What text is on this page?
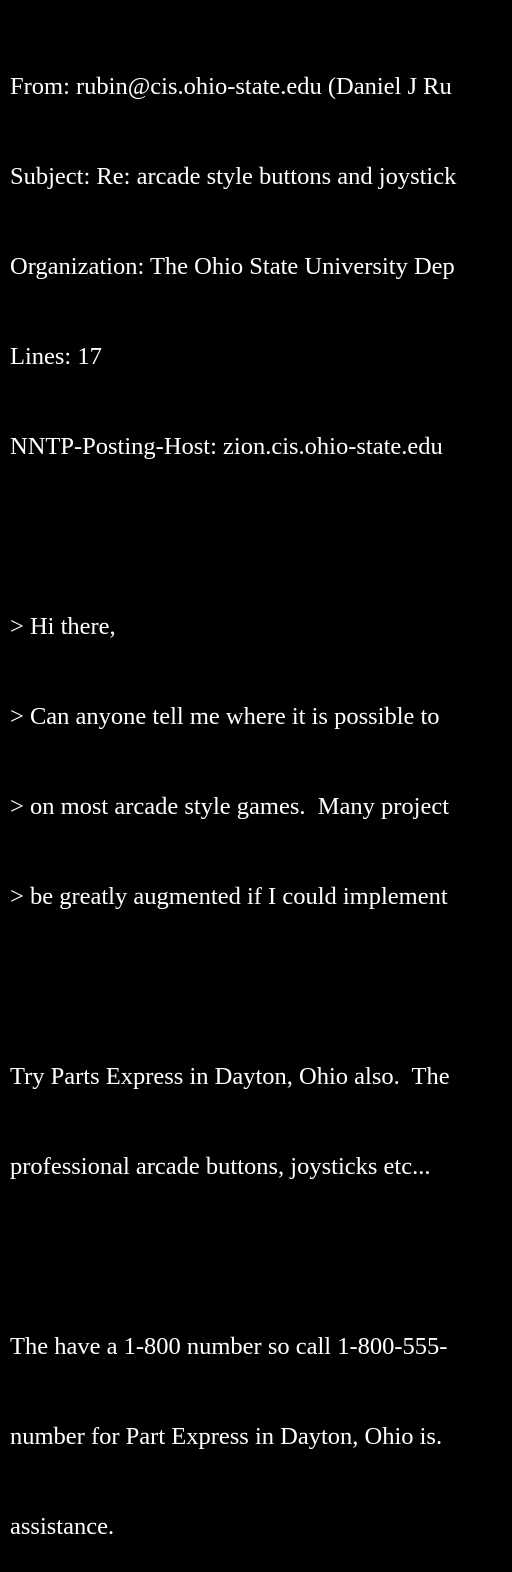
From: rubin@cis.ohio-state.edu (Daniel J Ru

Subject: Re: arcade style buttons and joystick

Organization: The Ohio State University Dep

Lines: 17

NNTP-Posting-Host: zion.cis.ohio-state.edu

> Hi there,

> Can anyone tell me where it is possible to

> on most arcade style games.  Many project

> be greatly augmented if I could implement

Try Parts Express in Dayton, Ohio also.  The

professional arcade buttons, joysticks etc...

The have a 1-800 number so call 1-800-555-

number for Part Express in Dayton, Ohio is.

assistance.
